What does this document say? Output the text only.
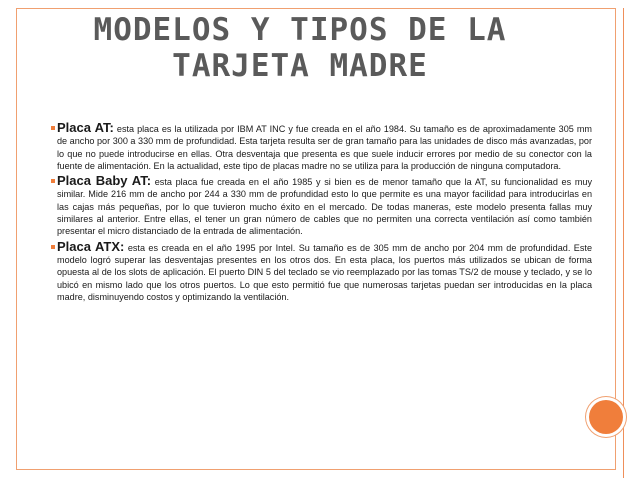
MODELOS Y TIPOS DE LA
TARJETA MADRE

Placa AT: esta placa es la utilizada por IBM AT INC y fue creada en el año 1984. Su tamaño es de aproximadamente 305 mm de ancho por 300 a 330 mm de profundidad. Esta tarjeta resulta ser de gran tamaño para las unidades de disco más avanzadas, por lo que no puede introducirse en ellas. Otra desventaja que presenta es que suele inducir errores por medio de su conector con la fuente de alimentación. En la actualidad, este tipo de placas madre no se utiliza para la producción de ninguna computadora.

Placa Baby AT: esta placa fue creada en el año 1985 y si bien es de menor tamaño que la AT, su funcionalidad es muy similar. Mide 216 mm de ancho por 244 a 330 mm de profundidad esto lo que permite es una mayor facilidad para introducirlas en las cajas más pequeñas, por lo que tuvieron mucho éxito en el mercado. De todas maneras, este modelo presenta fallas muy similares al anterior. Entre ellas, el tener un gran número de cables que no permiten una correcta ventilación así como también presentar el micro distanciado de la entrada de alimentación.

Placa ATX: esta es creada en el año 1995 por Intel. Su tamaño es de 305 mm de ancho por 204 mm de profundidad. Este modelo logró superar las desventajas presentes en los otros dos. En esta placa, los puertos más utilizados se ubican de forma opuesta al de los slots de aplicación. El puerto DIN 5 del teclado se vio reemplazado por las tomas TS/2 de mouse y teclado, y se lo ubicó en mismo lado que los otros puertos. Lo que esto permitió fue que numerosas tarjetas puedan ser introducidas en la placa madre, disminuyendo costos y optimizando la ventilación.
